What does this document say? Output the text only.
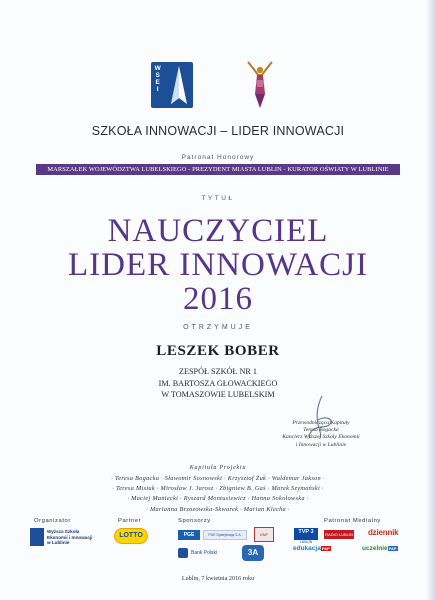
WSEI
SZKOŁA INNOWACJI – LIDER INNOWACJI
Patronat Honorowy
MARSZAŁEK WOJEWÓDZTWA LUBELSKIEGO - PREZYDENT MIASTA LUBLIN - KURATOR OŚWIATY W LUBLINIE
TYTUŁ
NAUCZYCIEL
LIDER INNOWACJI
2016
OTRZYMUJE
LESZEK BOBER
ZESPÓŁ SZKÓŁ NR 1
IM. BARTOSZA GŁOWACKIEGO
W TOMASZOWIE LUBELSKIM
Przewodnicząca Kapituły
Teresa Bogacka
Kanclerz Wyższej Szkoły Ekonomii
i Innowacji w Lublinie
Kapituła Projektu
· Teresa Bogacka · Sławomir Sosnowski · Krzysztof Żuk · Waldemar Jakson ·
· Teresa Misiuk · Mirosław J. Jarosz · Zbigniew B. Gaś · Marek Szymański ·
· Maciej Maniecki · Ryszard Montusiewicz · Hanna Sokołowska ·
· Marianna Brzozowska-Skwarek · Marian Klecha ·
Organizator	Partner	Sponsorzy	Patronat Medialny
Wyższa Szkoła
Ekonomii i Innowacji
w Lublinie
LOTTO	PGE	PGE Dystrybucja S.A.	KNF
Bank Polski	3A
TVP 3
LUBLIN
RADIO LUBLIN dziennik
edukacjaPAP	uczelniePAP
Lublin, 7 kwietnia 2016 roku
